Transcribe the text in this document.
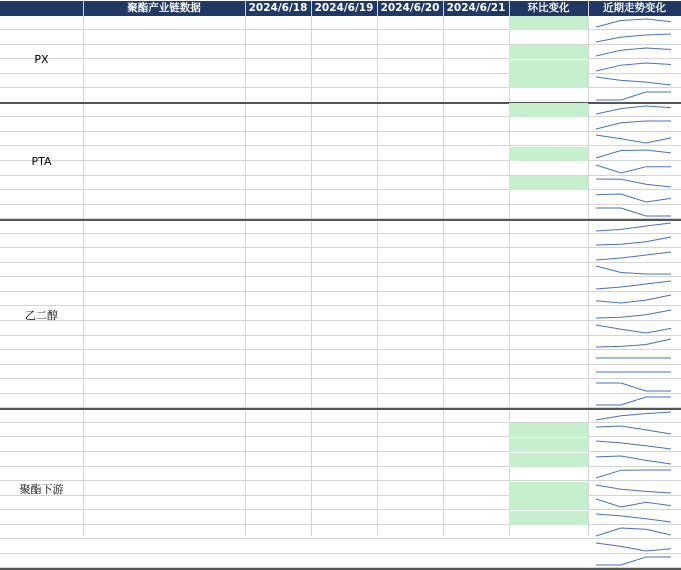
聚酯产业链数据	2024/6/18 2024/6/19 2024/6/20 2024/6/21	环比变化	近期走势变化
PX
PTA
乙二醇
聚酯下游
